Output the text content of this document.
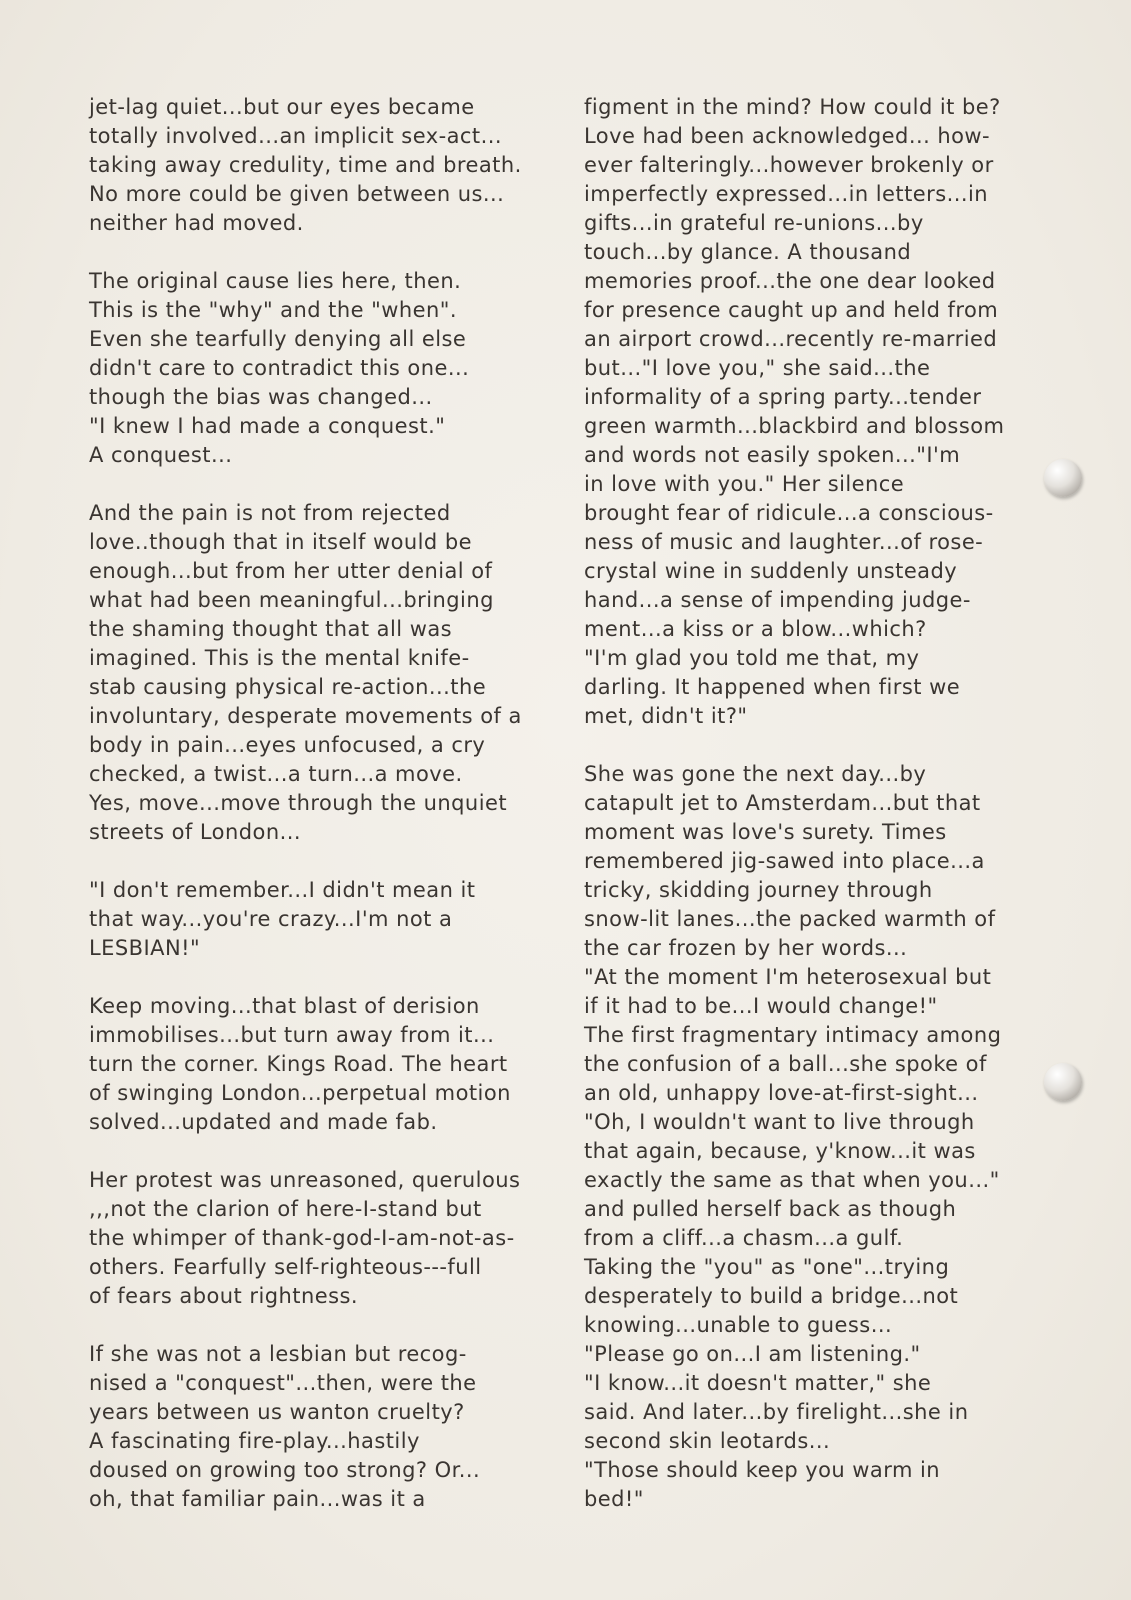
jet-lag quiet...but our eyes became
totally involved...an implicit sex-act...
taking away credulity, time and breath.
No more could be given between us...
neither had moved.
The original cause lies here, then.
This is the "why" and the "when".
Even she tearfully denying all else
didn't care to contradict this one...
though the bias was changed...
"I knew I had made a conquest."
A conquest...
And the pain is not from rejected
love..though that in itself would be
enough...but from her utter denial of
what had been meaningful...bringing
the shaming thought that all was
imagined. This is the mental knife-
stab causing physical re-action...the
involuntary, desperate movements of a
body in pain...eyes unfocused, a cry
checked, a twist...a turn...a move.
Yes, move...move through the unquiet
streets of London...
"I don't remember...I didn't mean it
that way...you're crazy...I'm not a
LESBIAN!"
Keep moving...that blast of derision
immobilises...but turn away from it...
turn the corner. Kings Road. The heart
of swinging London...perpetual motion
solved...updated and made fab.
Her protest was unreasoned, querulous
,,,not the clarion of here-I-stand but
the whimper of thank-god-I-am-not-as-
others. Fearfully self-righteous---full
of fears about rightness.
If she was not a lesbian but recog-
nised a "conquest"...then, were the
years between us wanton cruelty?
A fascinating fire-play...hastily
doused on growing too strong? Or...
oh, that familiar pain...was it a
figment in the mind? How could it be?
Love had been acknowledged... how-
ever falteringly...however brokenly or
imperfectly expressed...in letters...in
gifts...in grateful re-unions...by
touch...by glance. A thousand
memories proof...the one dear looked
for presence caught up and held from
an airport crowd...recently re-married
but..."I love you," she said...the
informality of a spring party...tender
green warmth...blackbird and blossom
and words not easily spoken..."I'm
in love with you." Her silence
brought fear of ridicule...a conscious-
ness of music and laughter...of rose-
crystal wine in suddenly unsteady
hand...a sense of impending judge-
ment...a kiss or a blow...which?
"I'm glad you told me that, my
darling. It happened when first we
met, didn't it?"
She was gone the next day...by
catapult jet to Amsterdam...but that
moment was love's surety. Times
remembered jig-sawed into place...a
tricky, skidding journey through
snow-lit lanes...the packed warmth of
the car frozen by her words...
"At the moment I'm heterosexual but
if it had to be...I would change!"
The first fragmentary intimacy among
the confusion of a ball...she spoke of
an old, unhappy love-at-first-sight...
"Oh, I wouldn't want to live through
that again, because, y'know...it was
exactly the same as that when you..."
and pulled herself back as though
from a cliff...a chasm...a gulf.
Taking the "you" as "one"...trying
desperately to build a bridge...not
knowing...unable to guess...
"Please go on...I am listening."
"I know...it doesn't matter," she
said. And later...by firelight...she in
second skin leotards...
"Those should keep you warm in
bed!"
